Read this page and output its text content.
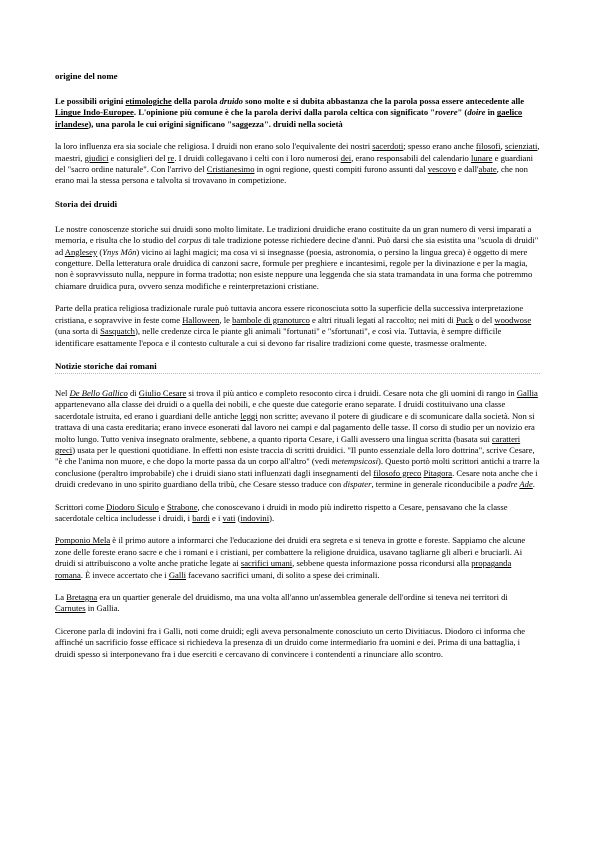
origine del nome

Le possibili origini etimologiche della parola druido sono molte e si dubita abbastanza che la parola possa essere antecedente alle Lingue Indo-Europee. L'opinione più comune è che la parola derivi dalla parola celtica con significato "rovere" (doire in gaelico irlandese), una parola le cui origini significano "saggezza". druidi nella società

la loro influenza era sia sociale che religiosa. I druidi non erano solo l'equivalente dei nostri sacerdoti; spesso erano anche filosofi, scienziati, maestri, giudici e consiglieri del re. I druidi collegavano i celti con i loro numerosi dei, erano responsabili del calendario lunare e guardiani del "sacro ordine naturale". Con l'arrivo del Cristianesimo in ogni regione, questi compiti furono assunti dal vescovo e dall'abate, che non erano mai la stessa persona e talvolta si trovavano in competizione.

Storia dei druidi

Le nostre conoscenze storiche sui druidi sono molto limitate. Le tradizioni druidiche erano costituite da un gran numero di versi imparati a memoria, e risulta che lo studio del corpus di tale tradizione potesse richiedere decine d'anni. Può darsi che sia esistita una "scuola di druidi" ad Anglesey (Ynys Môn) vicino ai laghi magici; ma cosa vi si insegnasse (poesia, astronomia, o persino la lingua greca) è oggetto di mere congetture. Della letteratura orale druidica di canzoni sacre, formule per preghiere e incantesimi, regole per la divinazione e per la magia, non è sopravvissuto nulla, neppure in forma tradotta; non esiste neppure una leggenda che sia stata tramandata in una forma che potremmo chiamare druidica pura, ovvero senza modifiche e reinterpretazioni cristiane.

Parte della pratica religiosa tradizionale rurale può tuttavia ancora essere riconosciuta sotto la superficie della successiva interpretazione cristiana, e sopravvive in feste come Halloween, le bambole di granoturco e altri rituali legati al raccolto; nei miti di Puck o del woodwose (una sorta di Sasquatch), nelle credenze circa le piante gli animali "fortunati" e "sfortunati", e così via. Tuttavia, è sempre difficile identificare esattamente l'epoca e il contesto culturale a cui si devono far risalire tradizioni come queste, trasmesse oralmente.

Notizie storiche dai romani

Nel De Bello Gallico di Giulio Cesare si trova il più antico e completo resoconto circa i druidi. Cesare nota che gli uomini di rango in Gallia appartenevano alla classe dei druidi o a quella dei nobili, e che queste due categorie erano separate. I druidi costituivano una classe sacerdotale istruita, ed erano i guardiani delle antiche leggi non scritte; avevano il potere di giudicare e di scomunicare dalla società. Non si trattava di una casta ereditaria; erano invece esonerati dal lavoro nei campi e dal pagamento delle tasse. Il corso di studio per un novizio era molto lungo. Tutto veniva insegnato oralmente, sebbene, a quanto riporta Cesare, i Galli avessero una lingua scritta (basata sui caratteri greci) usata per le questioni quotidiane. In effetti non esiste traccia di scritti druidici. "Il punto essenziale della loro dottrina", scrive Cesare, "è che l'anima non muore, e che dopo la morte passa da un corpo all'altro" (vedi metempsicosi). Questo portò molti scrittori antichi a trarre la conclusione (peraltro improbabile) che i druidi siano stati influenzati dagli insegnamenti del filosofo greco Pitagora. Cesare nota anche che i druidi credevano in uno spirito guardiano della tribù, che Cesare stesso traduce con dispater, termine in generale riconducibile a padre Ade.

Scrittori come Diodoro Siculo e Strabone, che conoscevano i druidi in modo più indiretto rispetto a Cesare, pensavano che la classe sacerdotale celtica includesse i druidi, i bardi e i vati (indovini).

Pomponio Mela è il primo autore a informarci che l'educazione dei druidi era segreta e si teneva in grotte e foreste. Sappiamo che alcune zone delle foreste erano sacre e che i romani e i cristiani, per combattere la religione druidica, usavano tagliarne gli alberi e bruciarli. Ai druidi si attribuiscono a volte anche pratiche legate ai sacrifici umani, sebbene questa informazione possa ricondursi alla propaganda romana. È invece accertato che i Galli facevano sacrifici umani, di solito a spese dei criminali.

La Bretagna era un quartier generale del druidismo, ma una volta all'anno un'assemblea generale dell'ordine si teneva nei territori di Carnutes in Gallia.

Cicerone parla di indovini fra i Galli, noti come druidi; egli aveva personalmente conosciuto un certo Divitiacus. Diodoro ci informa che affinché un sacrificio fosse efficace si richiedeva la presenza di un druido come intermediario fra uomini e dei. Prima di una battaglia, i druidi spesso si interponevano fra i due eserciti e cercavano di convincere i contendenti a rinunciare allo scontro.
